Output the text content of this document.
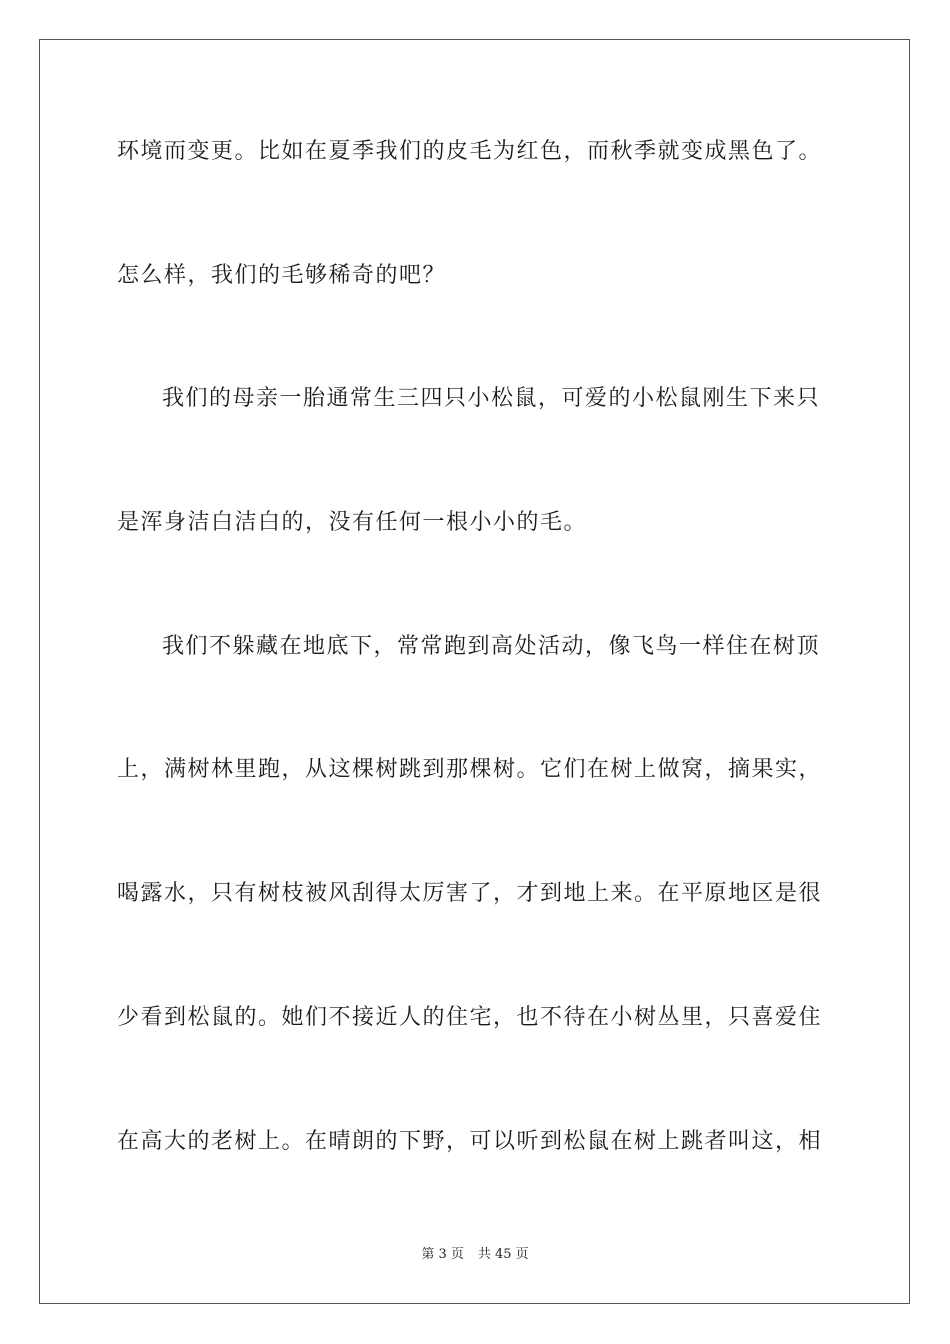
环境而变更。比如在夏季我们的皮毛为红色，而秋季就变成黑色了。
怎么样，我们的毛够稀奇的吧？
我们的母亲一胎通常生三四只小松鼠，可爱的小松鼠刚生下来只
是浑身洁白洁白的，没有任何一根小小的毛。
我们不躲藏在地底下，常常跑到高处活动，像飞鸟一样住在树顶
上，满树林里跑，从这棵树跳到那棵树。它们在树上做窝，摘果实，
喝露水，只有树枝被风刮得太厉害了，才到地上来。在平原地区是很
少看到松鼠的。她们不接近人的住宅，也不待在小树丛里，只喜爱住
在高大的老树上。在晴朗的下野，可以听到松鼠在树上跳者叫这，相
第 3 页 共 45 页
